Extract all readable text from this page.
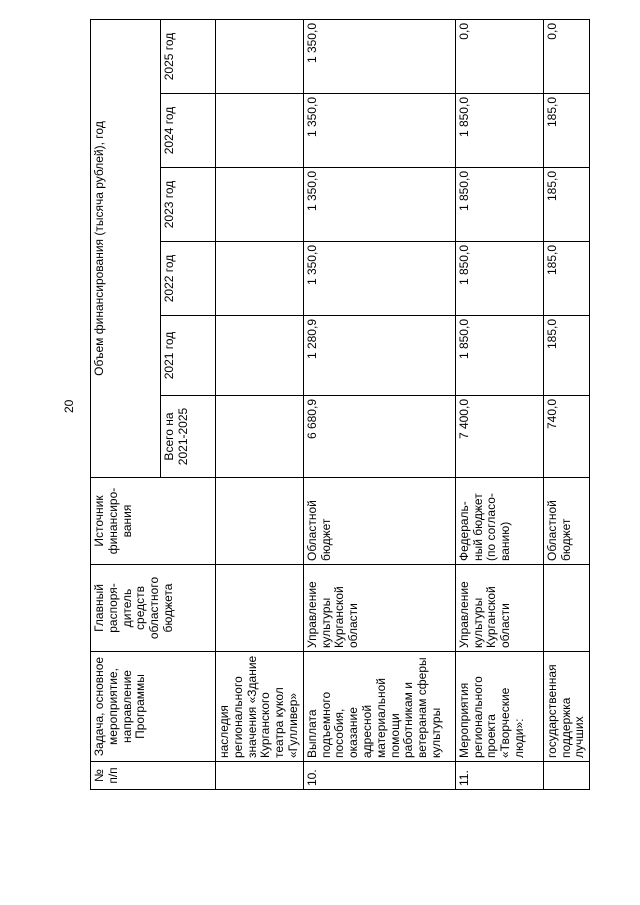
20
№ п/п	Задача, основное мероприятие, направление Программы	Главный распоря-дитель средств областного бюджета	Источник финансиро-вания	Объем финансирования (тысяча рублей), год					
				Всего на 2021-2025	2021 год	2022 год	2023 год	2024 год	2025 год
	наследия регионального значения «Здание Курганского театра кукол «Гулливер»								
10.	Выплата подъемного пособия, оказание адресной материальной помощи работникам и ветеранам сферы культуры	Управление культуры Курганской области	Областной бюджет	6 680,9	1 280,9	1 350,0	1 350,0	1 350,0	1 350,0
11.	Мероприятия регионального проекта «Творческие люди»:	Управление культуры Курганской области	Федераль-ный бюджет (по согласо-ванию)	7 400,0	1 850,0	1 850,0	1 850,0	1 850,0	0,0
	государственная поддержка лучших		Областной бюджет	740,0	185,0	185,0	185,0	185,0	0,0
